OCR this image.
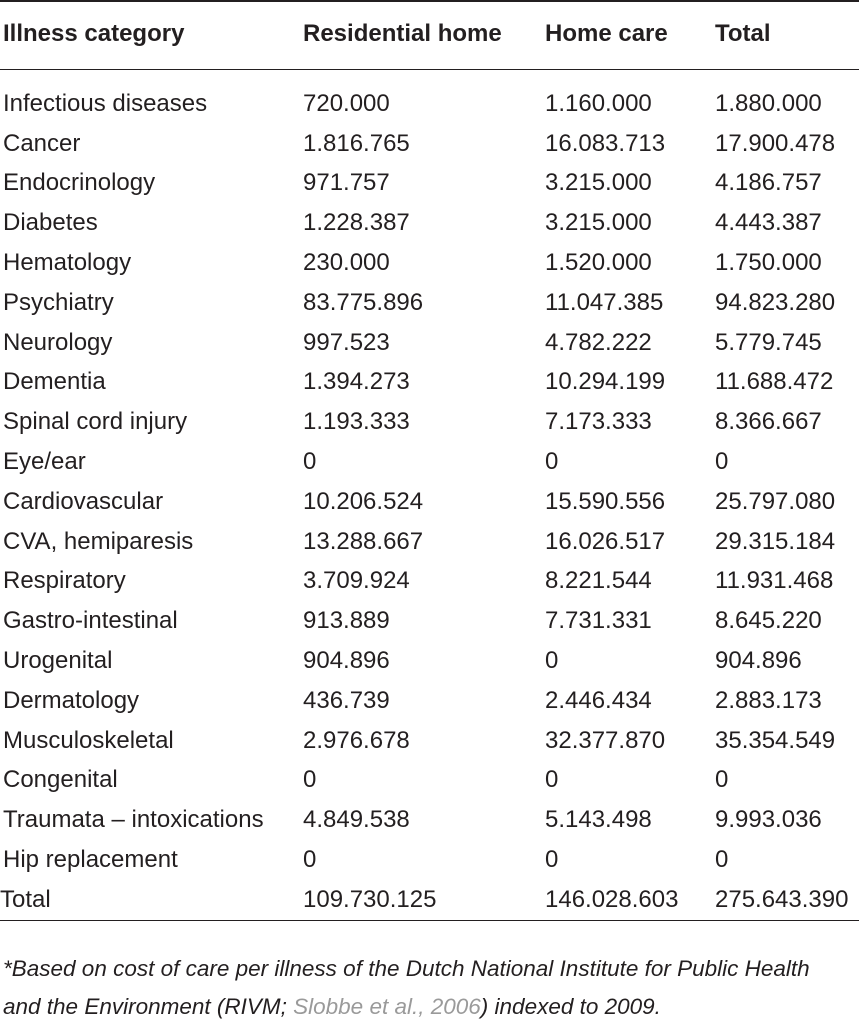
Illness category	Residential home	Home care	Total
Infectious diseases	720.000	1.160.000	1.880.000
Cancer	1.816.765	16.083.713	17.900.478
Endocrinology	971.757	3.215.000	4.186.757
Diabetes	1.228.387	3.215.000	4.443.387
Hematology	230.000	1.520.000	1.750.000
Psychiatry	83.775.896	11.047.385	94.823.280
Neurology	997.523	4.782.222	5.779.745
Dementia	1.394.273	10.294.199	11.688.472
Spinal cord injury	1.193.333	7.173.333	8.366.667
Eye/ear	0	0	0
Cardiovascular	10.206.524	15.590.556	25.797.080
CVA, hemiparesis	13.288.667	16.026.517	29.315.184
Respiratory	3.709.924	8.221.544	11.931.468
Gastro-intestinal	913.889	7.731.331	8.645.220
Urogenital	904.896	0	904.896
Dermatology	436.739	2.446.434	2.883.173
Musculoskeletal	2.976.678	32.377.870	35.354.549
Congenital	0	0	0
Traumata – intoxications	4.849.538	5.143.498	9.993.036
Hip replacement	0	0	0
Total	109.730.125	146.028.603	275.643.390
*Based on cost of care per illness of the Dutch National Institute for Public Health
and the Environment (RIVM; Slobbe et al., 2006) indexed to 2009.
